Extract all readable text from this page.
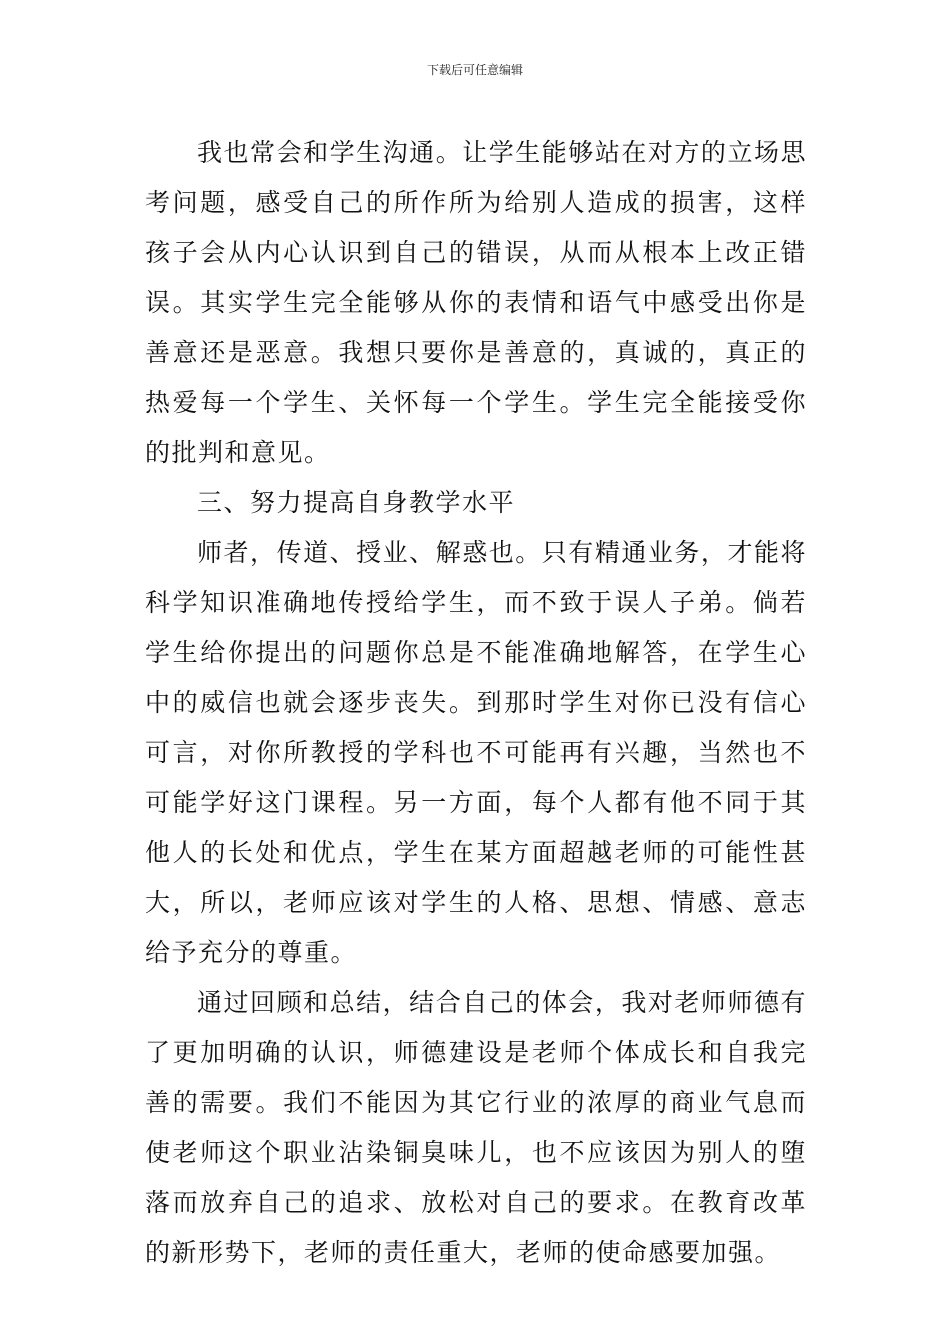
下载后可任意编辑

我也常会和学生沟通。让学生能够站在对方的立场思考问题，感受自己的所作所为给别人造成的损害，这样孩子会从内心认识到自己的错误，从而从根本上改正错误。其实学生完全能够从你的表情和语气中感受出你是善意还是恶意。我想只要你是善意的，真诚的，真正的热爱每一个学生、关怀每一个学生。学生完全能接受你的批判和意见。

三、努力提高自身教学水平

师者，传道、授业、解惑也。只有精通业务，才能将科学知识准确地传授给学生，而不致于误人子弟。倘若学生给你提出的问题你总是不能准确地解答，在学生心中的威信也就会逐步丧失。到那时学生对你已没有信心可言，对你所教授的学科也不可能再有兴趣，当然也不可能学好这门课程。另一方面，每个人都有他不同于其他人的长处和优点，学生在某方面超越老师的可能性甚大，所以，老师应该对学生的人格、思想、情感、意志给予充分的尊重。

通过回顾和总结，结合自己的体会，我对老师师德有了更加明确的认识，师德建设是老师个体成长和自我完善的需要。我们不能因为其它行业的浓厚的商业气息而使老师这个职业沾染铜臭味儿，也不应该因为别人的堕落而放弃自己的追求、放松对自己的要求。在教育改革的新形势下，老师的责任重大，老师的使命感要加强。
